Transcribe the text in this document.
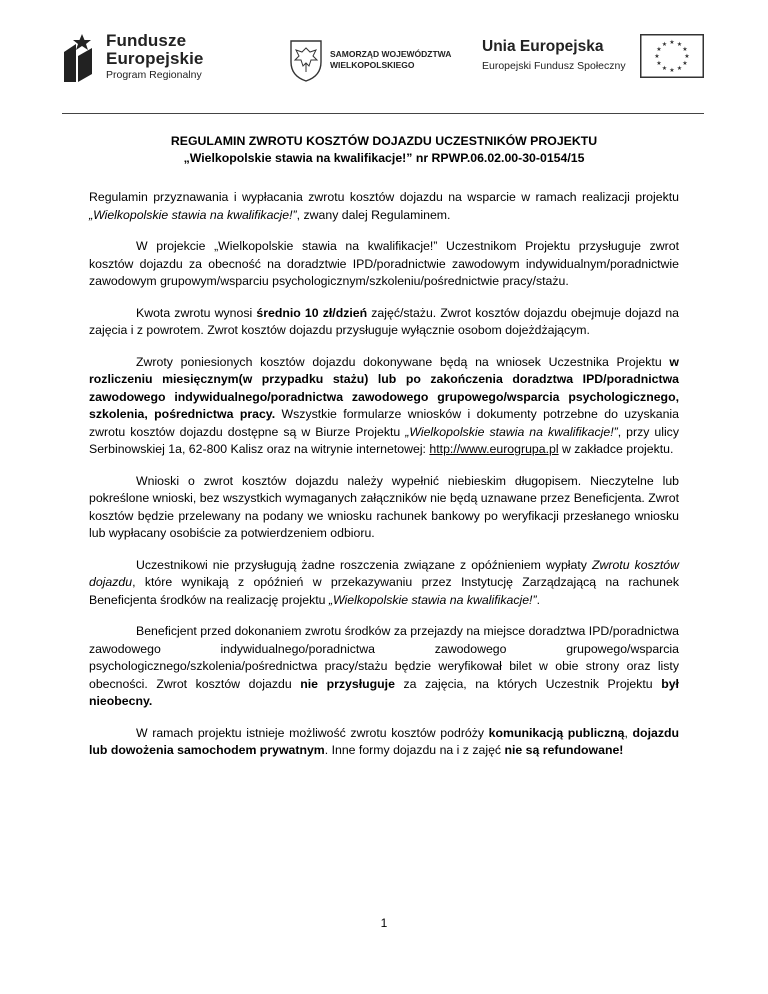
Fundusze
Europejskie
Program Regionalny
SAMORZĄD WOJEWÓDZTWA
WIELKOPOLSKIEGO
Unia Europejska
Europejski Fundusz Społeczny
★ ★
★
★
★
★
★
★
★
★
★
★
REGULAMIN ZWROTU KOSZTÓW DOJAZDU UCZESTNIKÓW PROJEKTU
„Wielkopolskie stawia na kwalifikacje!” nr RPWP.06.02.00-30-0154/15

Regulamin przyznawania i wypłacania zwrotu kosztów dojazdu na wsparcie w ramach realizacji projektu „Wielkopolskie stawia na kwalifikacje!”, zwany dalej Regulaminem.

W projekcie „Wielkopolskie stawia na kwalifikacje!” Uczestnikom Projektu przysługuje zwrot kosztów dojazdu za obecność na doradztwie IPD/poradnictwie zawodowym indywidualnym/poradnictwie zawodowym grupowym/wsparciu psychologicznym/szkoleniu/pośrednictwie pracy/stażu.

Kwota zwrotu wynosi średnio 10 zł/dzień zajęć/stażu. Zwrot kosztów dojazdu obejmuje dojazd na zajęcia i z powrotem. Zwrot kosztów dojazdu przysługuje wyłącznie osobom dojeżdżającym.

Zwroty poniesionych kosztów dojazdu dokonywane będą na wniosek Uczestnika Projektu w rozliczeniu miesięcznym(w przypadku stażu) lub po zakończenia doradztwa IPD/poradnictwa zawodowego indywidualnego/poradnictwa zawodowego grupowego/wsparcia psychologicznego, szkolenia, pośrednictwa pracy. Wszystkie formularze wniosków i dokumenty potrzebne do uzyskania zwrotu kosztów dojazdu dostępne są w Biurze Projektu „Wielkopolskie stawia na kwalifikacje!”, przy ulicy Serbinowskiej 1a, 62-800 Kalisz oraz na witrynie internetowej: http://www.eurogrupa.pl w zakładce projektu.

Wnioski o zwrot kosztów dojazdu należy wypełnić niebieskim długopisem. Nieczytelne lub pokreślone wnioski, bez wszystkich wymaganych załączników nie będą uznawane przez Beneficjenta. Zwrot kosztów będzie przelewany na podany we wniosku rachunek bankowy po weryfikacji przesłanego wniosku lub wypłacany osobiście za potwierdzeniem odbioru.

Uczestnikowi nie przysługują żadne roszczenia związane z opóźnieniem wypłaty Zwrotu kosztów dojazdu, które wynikają z opóźnień w przekazywaniu przez Instytucję Zarządzającą na rachunek Beneficjenta środków na realizację projektu „Wielkopolskie stawia na kwalifikacje!”.

Beneficjent przed dokonaniem zwrotu środków za przejazdy na miejsce doradztwa IPD/poradnictwa zawodowego indywidualnego/poradnictwa zawodowego grupowego/wsparcia psychologicznego/szkolenia/pośrednictwa pracy/stażu będzie weryfikował bilet w obie strony oraz listy obecności. Zwrot kosztów dojazdu nie przysługuje za zajęcia, na których Uczestnik Projektu był nieobecny.

W ramach projektu istnieje możliwość zwrotu kosztów podróży komunikacją publiczną, dojazdu lub dowożenia samochodem prywatnym. Inne formy dojazdu na i z zajęć nie są refundowane!

1
